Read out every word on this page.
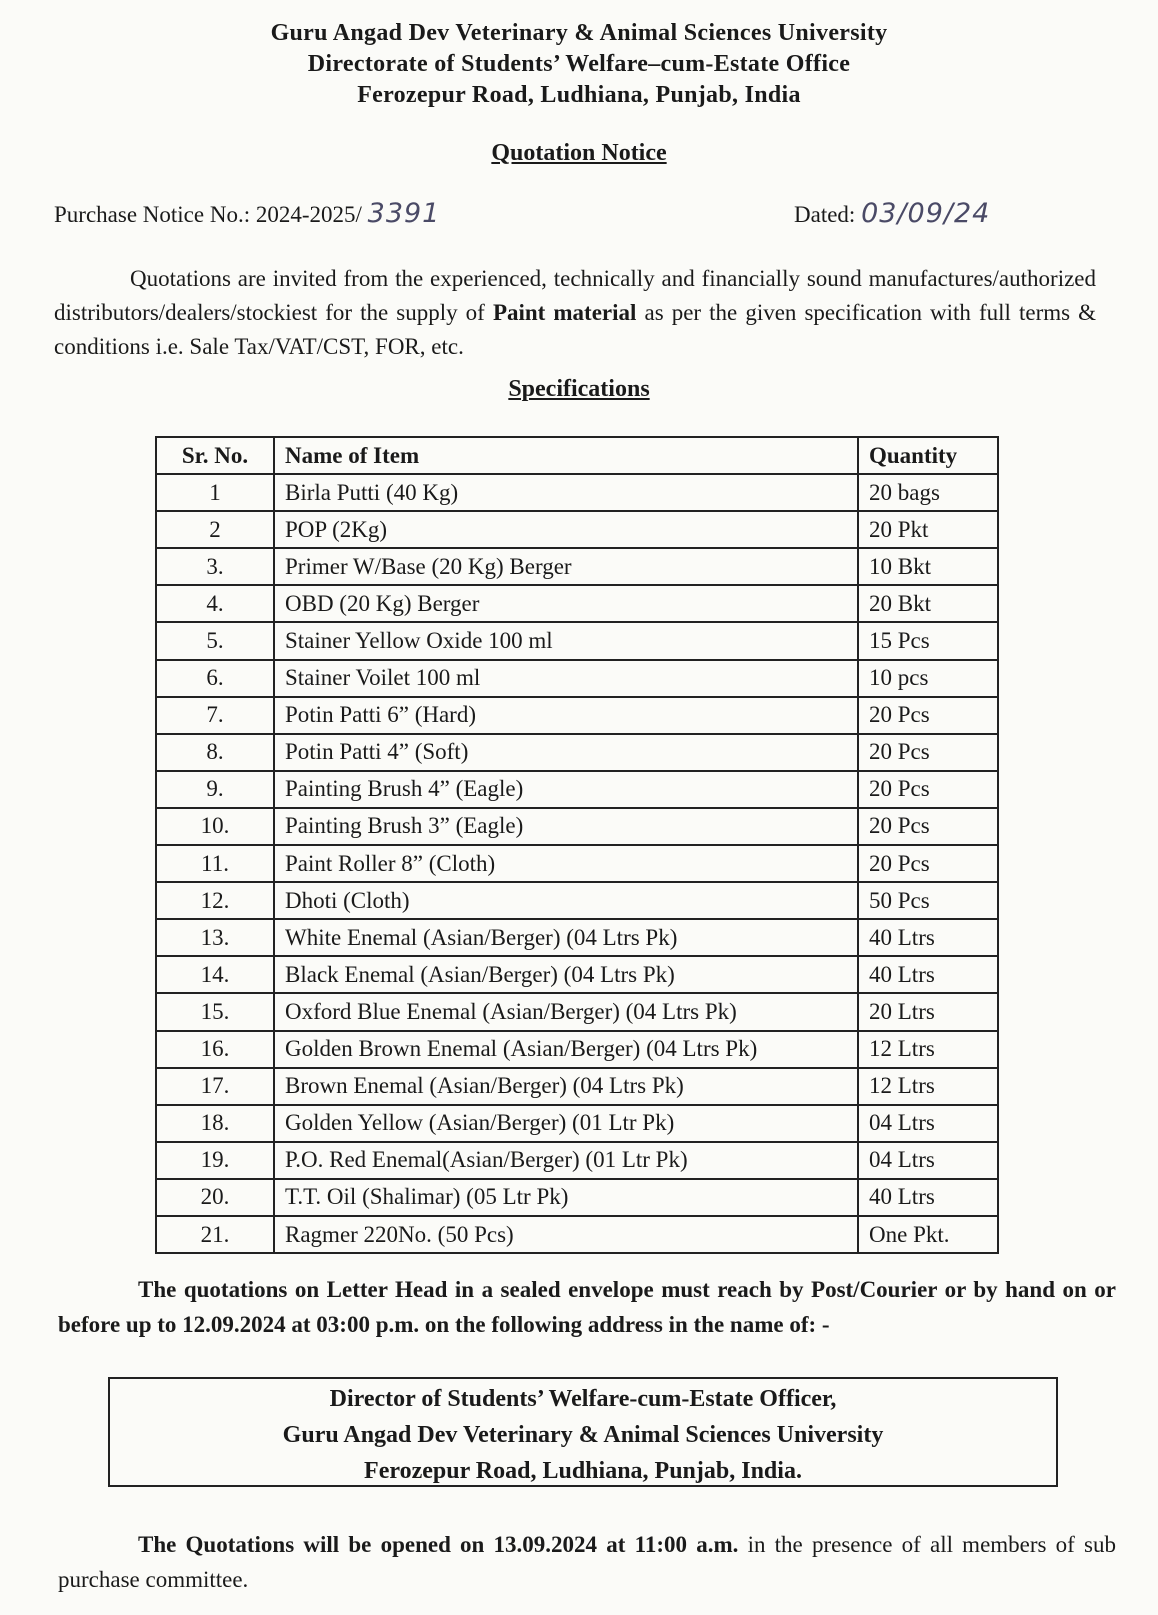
Guru Angad Dev Veterinary & Animal Sciences University
Directorate of Students’ Welfare–cum-Estate Office
Ferozepur Road, Ludhiana, Punjab, India
Quotation Notice
Purchase Notice No.: 2024-2025/ 3391	Dated: 03/09/24
Quotations are invited from the experienced, technically and financially sound manufactures/authorized distributors/dealers/stockiest for the supply of Paint material as per the given specification with full terms & conditions i.e. Sale Tax/VAT/CST, FOR, etc.
Specifications
Sr. No.	Name of Item	Quantity
1	Birla Putti (40 Kg)	20 bags
2	POP (2Kg)	20 Pkt
3.	Primer W/Base (20 Kg) Berger	10 Bkt
4.	OBD (20 Kg) Berger	20 Bkt
5.	Stainer Yellow Oxide 100 ml	15 Pcs
6.	Stainer Voilet 100 ml	10 pcs
7.	Potin Patti 6” (Hard)	20 Pcs
8.	Potin Patti 4” (Soft)	20 Pcs
9.	Painting Brush 4” (Eagle)	20 Pcs
10.	Painting Brush 3” (Eagle)	20 Pcs
11.	Paint Roller 8” (Cloth)	20 Pcs
12.	Dhoti (Cloth)	50 Pcs
13.	White Enemal (Asian/Berger) (04 Ltrs Pk)	40 Ltrs
14.	Black Enemal (Asian/Berger) (04 Ltrs Pk)	40 Ltrs
15.	Oxford Blue Enemal (Asian/Berger) (04 Ltrs Pk)	20 Ltrs
16.	Golden Brown Enemal (Asian/Berger) (04 Ltrs Pk)	12 Ltrs
17.	Brown Enemal (Asian/Berger) (04 Ltrs Pk)	12 Ltrs
18.	Golden Yellow (Asian/Berger) (01 Ltr Pk)	04 Ltrs
19.	P.O. Red Enemal(Asian/Berger) (01 Ltr Pk)	04 Ltrs
20.	T.T. Oil (Shalimar) (05 Ltr Pk)	40 Ltrs
21.	Ragmer 220No. (50 Pcs)	One Pkt.
The quotations on Letter Head in a sealed envelope must reach by Post/Courier or by hand on or before up to 12.09.2024 at 03:00 p.m. on the following address in the name of: -
Director of Students’ Welfare-cum-Estate Officer,
Guru Angad Dev Veterinary & Animal Sciences University
Ferozepur Road, Ludhiana, Punjab, India.
The Quotations will be opened on 13.09.2024 at 11:00 a.m. in the presence of all members of sub purchase committee.
